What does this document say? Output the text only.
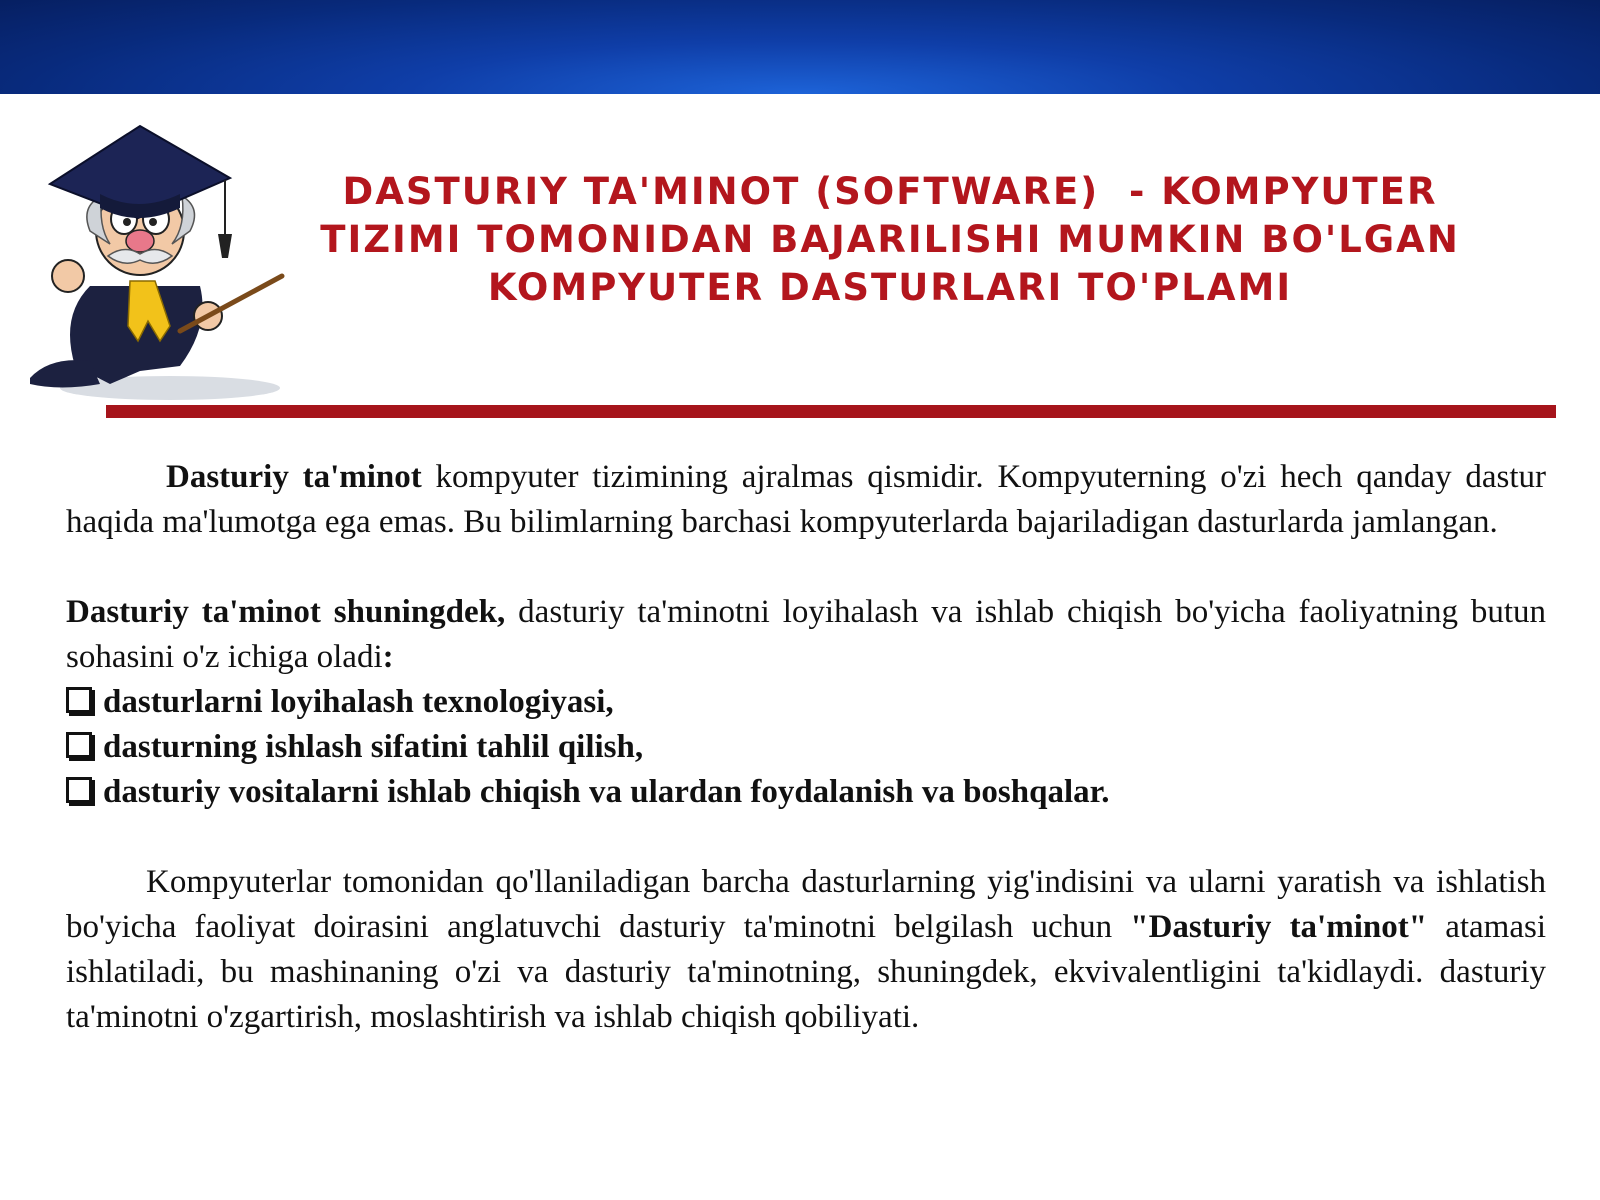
DASTURIY TA'MINOT (SOFTWARE)  - KOMPYUTER
TIZIMI TOMONIDAN BAJARILISHI MUMKIN BO'LGAN
KOMPYUTER DASTURLARI TO'PLAMI

Dasturiy ta'minot kompyuter tizimining ajralmas qismidir. Kompyuterning o'zi hech qanday dastur haqida ma'lumotga ega emas. Bu bilimlarning barchasi kompyuterlarda bajariladigan dasturlarda jamlangan.

Dasturiy ta'minot shuningdek, dasturiy ta'minotni loyihalash va ishlab chiqish bo'yicha faoliyatning butun sohasini o'z ichiga oladi:

dasturlarni loyihalash texnologiyasi,
dasturning ishlash sifatini tahlil qilish,
dasturiy vositalarni ishlab chiqish va ulardan foydalanish va boshqalar.

Kompyuterlar tomonidan qo'llaniladigan barcha dasturlarning yig'indisini va ularni yaratish va ishlatish bo'yicha faoliyat doirasini anglatuvchi dasturiy ta'minotni belgilash uchun "Dasturiy ta'minot" atamasi ishlatiladi, bu mashinaning o'zi va dasturiy ta'minotning, shuningdek, ekvivalentligini ta'kidlaydi. dasturiy ta'minotni o'zgartirish, moslashtirish va ishlab chiqish qobiliyati.
